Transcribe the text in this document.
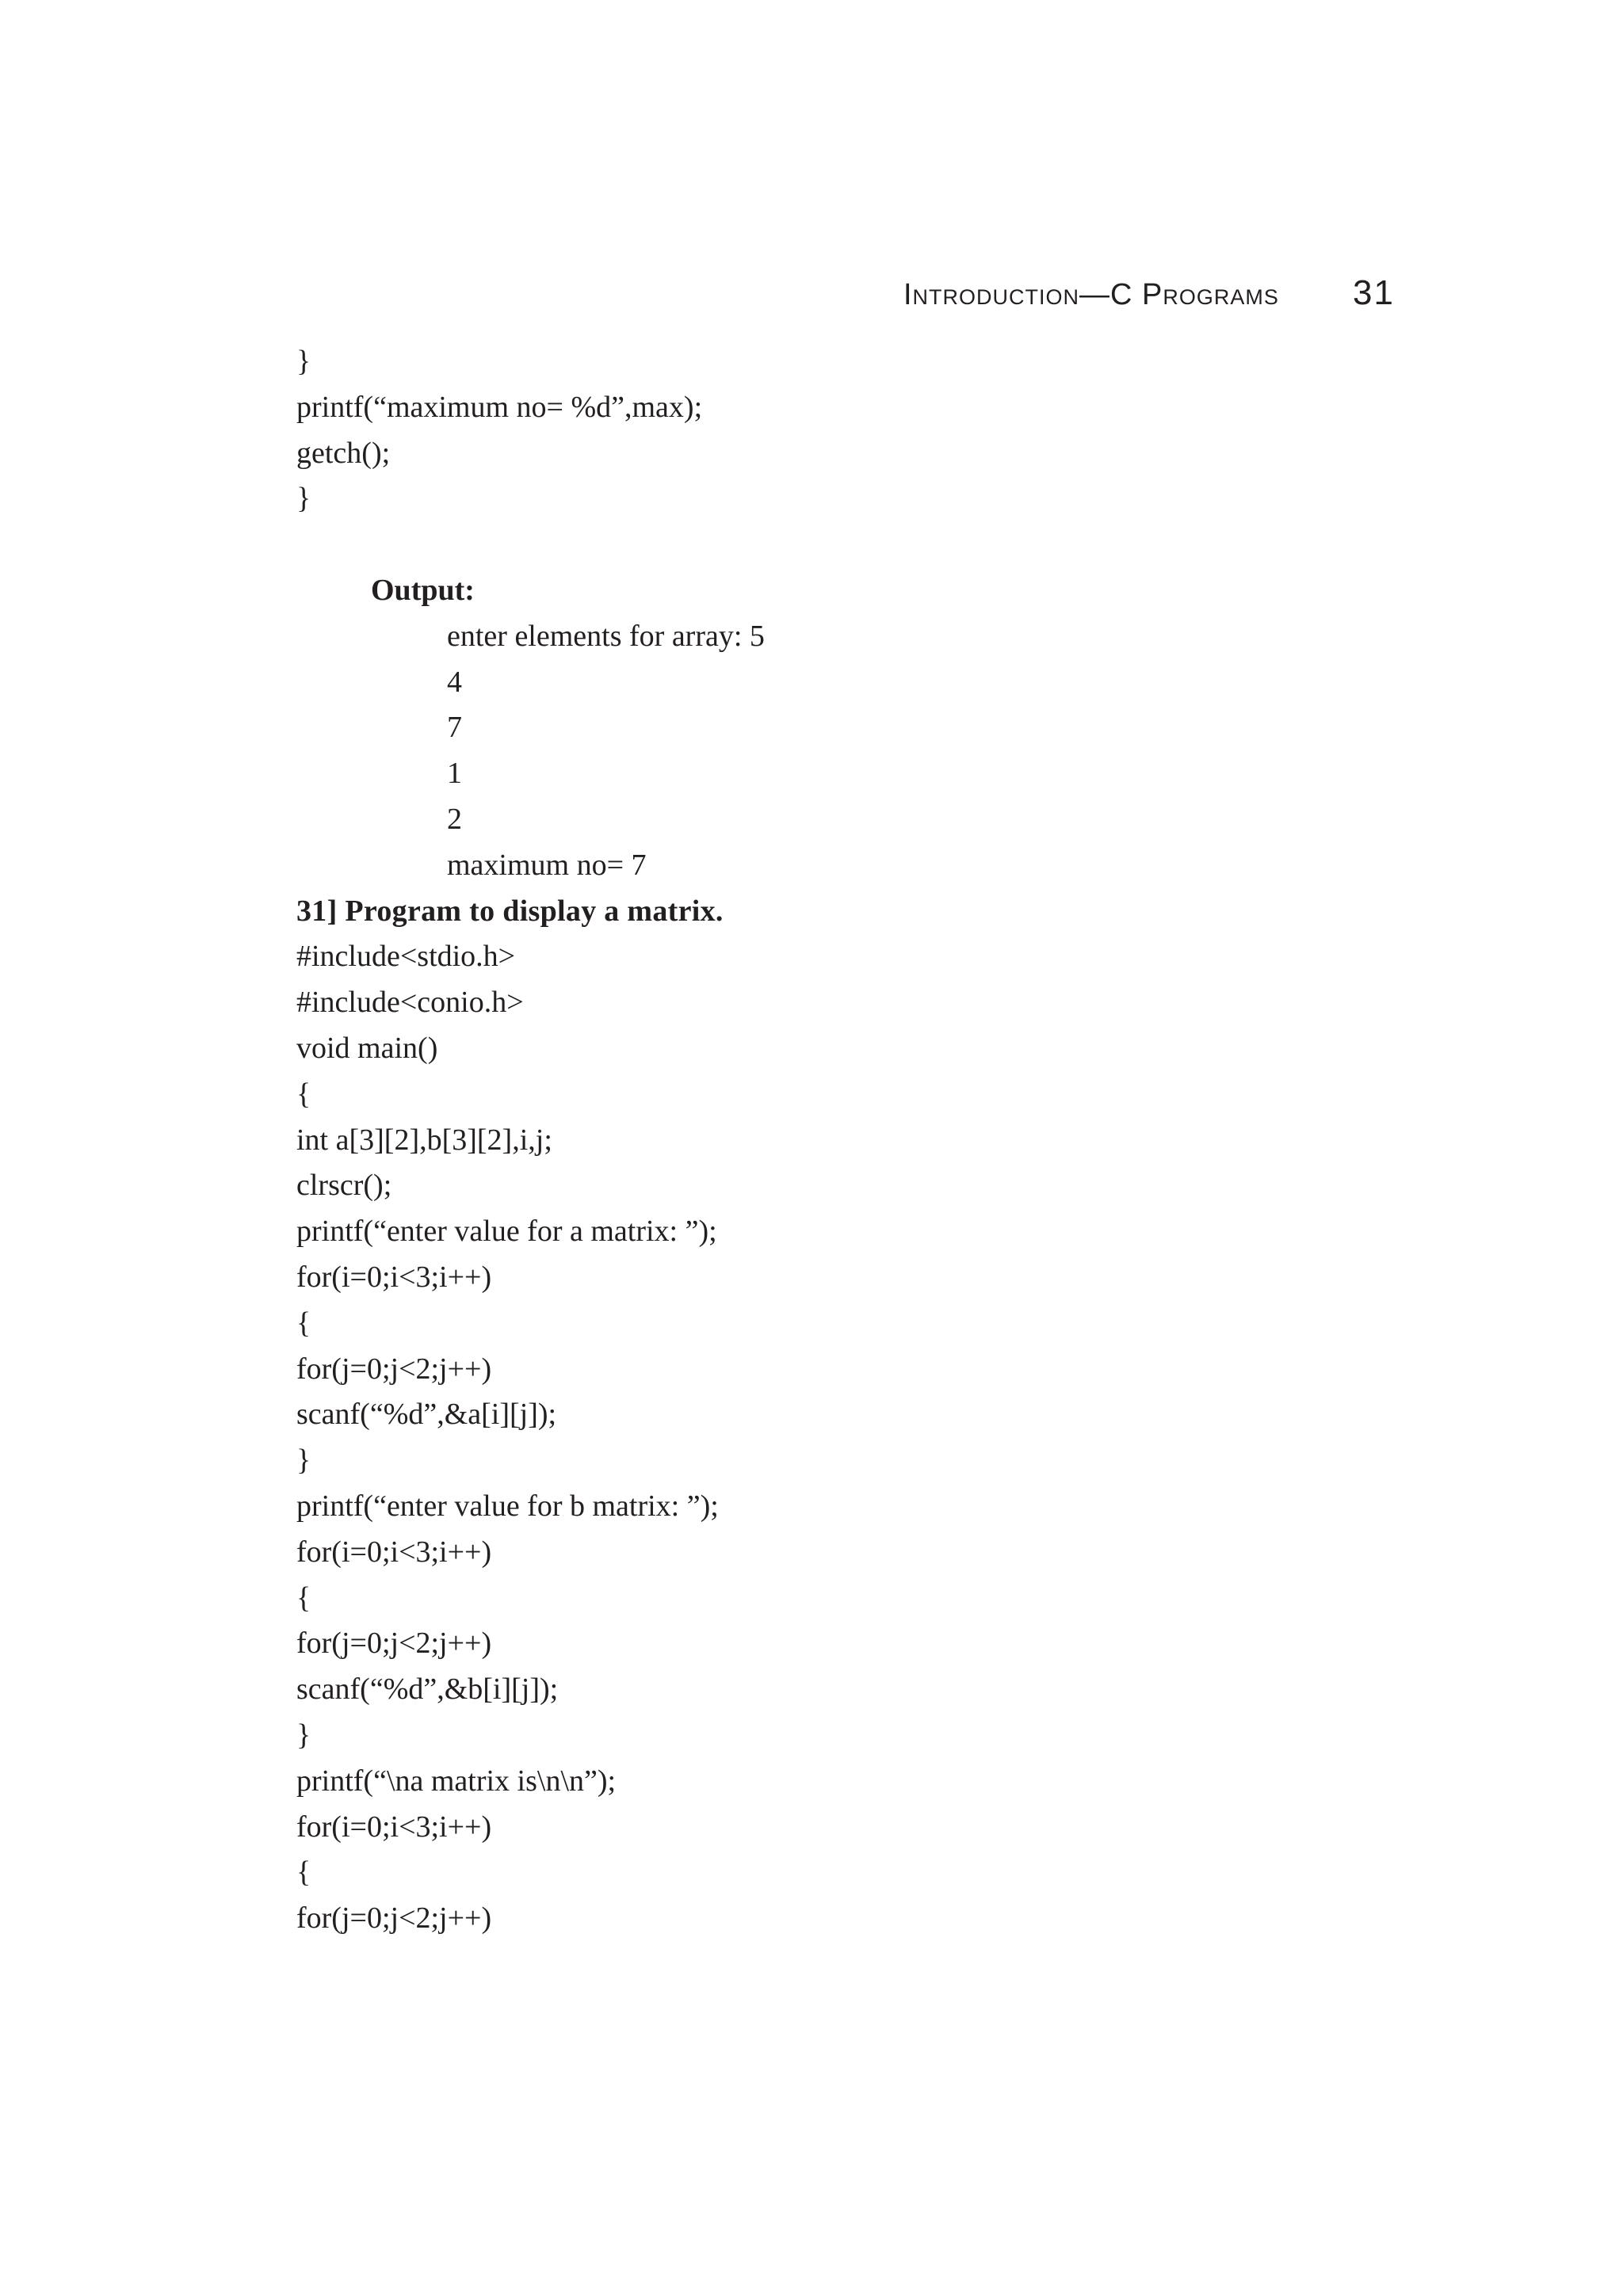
Introduction—C Programs 31
}
printf(“maximum no= %d”,max);
getch();
}
Output:
enter elements for array: 5
4
7
1
2
maximum no= 7
31] Program to display a matrix.
#include<stdio.h>
#include<conio.h>
void main()
{
int a[3][2],b[3][2],i,j;
clrscr();
printf(“enter value for a matrix: ”);
for(i=0;i<3;i++)
{
for(j=0;j<2;j++)
scanf(“%d”,&a[i][j]);
}
printf(“enter value for b matrix: ”);
for(i=0;i<3;i++)
{
for(j=0;j<2;j++)
scanf(“%d”,&b[i][j]);
}
printf(“\na matrix is\n\n”);
for(i=0;i<3;i++)
{
for(j=0;j<2;j++)
